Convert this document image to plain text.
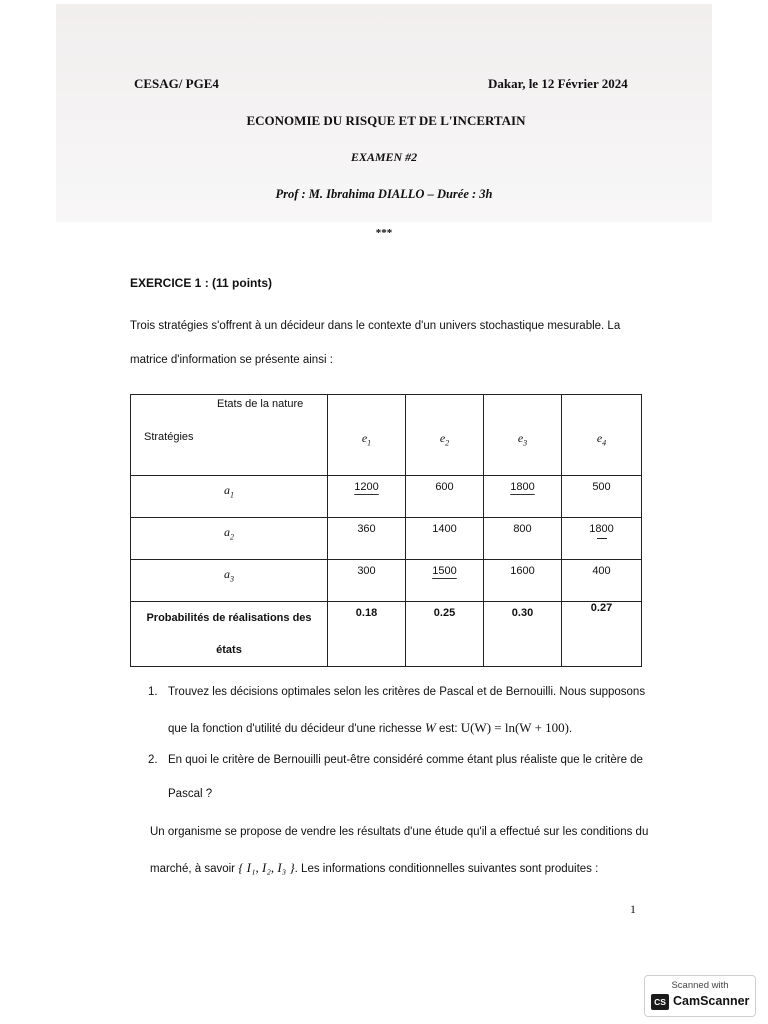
CESAG/ PGE4	Dakar, le 12 Février 2024
ECONOMIE DU RISQUE ET DE L'INCERTAIN
EXAMEN #2
Prof : M. Ibrahima DIALLO – Durée : 3h
***
EXERCICE 1 : (11 points)
Trois stratégies s'offrent à un décideur dans le contexte d'un univers stochastique mesurable. La
matrice d'information se présente ainsi :
Etats de la nature
Stratégies	$e_1$	$e_2$	$e_3$	$e_4$
$a_1$	1200	600	1800	500
$a_2$	360	1400	800	1800

$a_3$	300	1500	1600	400

Probabilités de réalisations des
états	0.18	0.25	0.30	0.27
1. Trouvez les décisions optimales selon les critères de Pascal et de Bernouilli. Nous supposons
que la fonction d'utilité du décideur d'une richesse W est: U(W) = ln(W + 100).
2. En quoi le critère de Bernouilli peut-être considéré comme étant plus réaliste que le critère de
Pascal ?
Un organisme se propose de vendre les résultats d'une étude qu'il a effectué sur les conditions du
marché, à savoir { I₁, I₂, I₃ }. Les informations conditionnelles suivantes sont produites :
1
Scanned with
CS CamScanner
